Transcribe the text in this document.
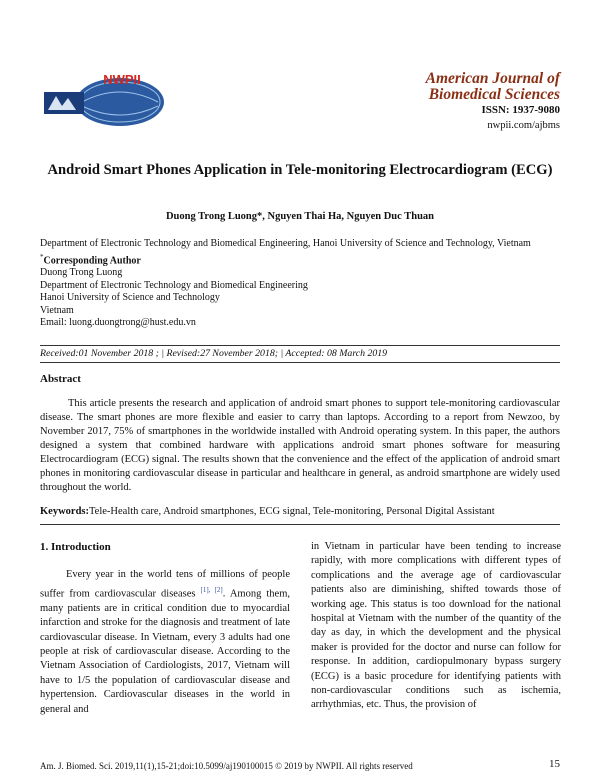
NWPII	American Journal of
Biomedical Sciences
ISSN: 1937-9080
nwpii.com/ajbms
Android Smart Phones Application in Tele-monitoring Electrocardiogram (ECG)
Duong Trong Luong*, Nguyen Thai Ha, Nguyen Duc Thuan
Department of Electronic Technology and Biomedical Engineering, Hanoi University of Science and Technology, Vietnam
*Corresponding Author
Duong Trong Luong
Department of Electronic Technology and Biomedical Engineering
Hanoi University of Science and Technology
Vietnam
Email: luong.duongtrong@hust.edu.vn
Received:01 November 2018 ; | Revised:27 November 2018; | Accepted: 08 March 2019
Abstract
This article presents the research and application of android smart phones to support tele-monitoring cardiovascular disease. The smart phones are more flexible and easier to carry than laptops. According to a report from Newzoo, by November 2017, 75% of smartphones in the worldwide installed with Android operating system. In this paper, the authors designed a system that combined hardware with applications android smart phones software for measuring Electrocardiogram (ECG) signal. The results shown that the convenience and the effect of the application of android smart phones in monitoring cardiovascular disease in particular and healthcare in general, as android smartphone are widely used throughout the world.
Keywords:Tele-Health care, Android smartphones, ECG signal, Tele-monitoring, Personal Digital Assistant
1. Introduction

Every year in the world tens of millions of people suffer from cardiovascular diseases [1], [2]. Among them, many patients are in critical condition due to myocardial infarction and stroke for the diagnosis and treatment of late cardiovascular disease. In Vietnam, every 3 adults had one people at risk of cardiovascular disease. According to the Vietnam Association of Cardiologists, 2017, Vietnam will have to 1/5 the population of cardiovascular disease and hypertension. Cardiovascular diseases in the world in general and

in Vietnam in particular have been tending to increase rapidly, with more complications with different types of complications and the average age of cardiovascular patients also are diminishing, shifted towards those of working age. This status is too download for the national hospital at Vietnam with the number of the quantity of the day as day, in which the development and the physical maker is provided for the doctor and nurse can follow for response. In addition, cardiopulmonary bypass surgery (ECG) is a basic procedure for identifying patients with non-cardiovascular conditions such as ischemia, arrhythmias, etc. Thus, the provision of

Am. J. Biomed. Sci. 2019,11(1),15-21;doi:10.5099/aj190100015 © 2019 by NWPII. All rights reserved	15
